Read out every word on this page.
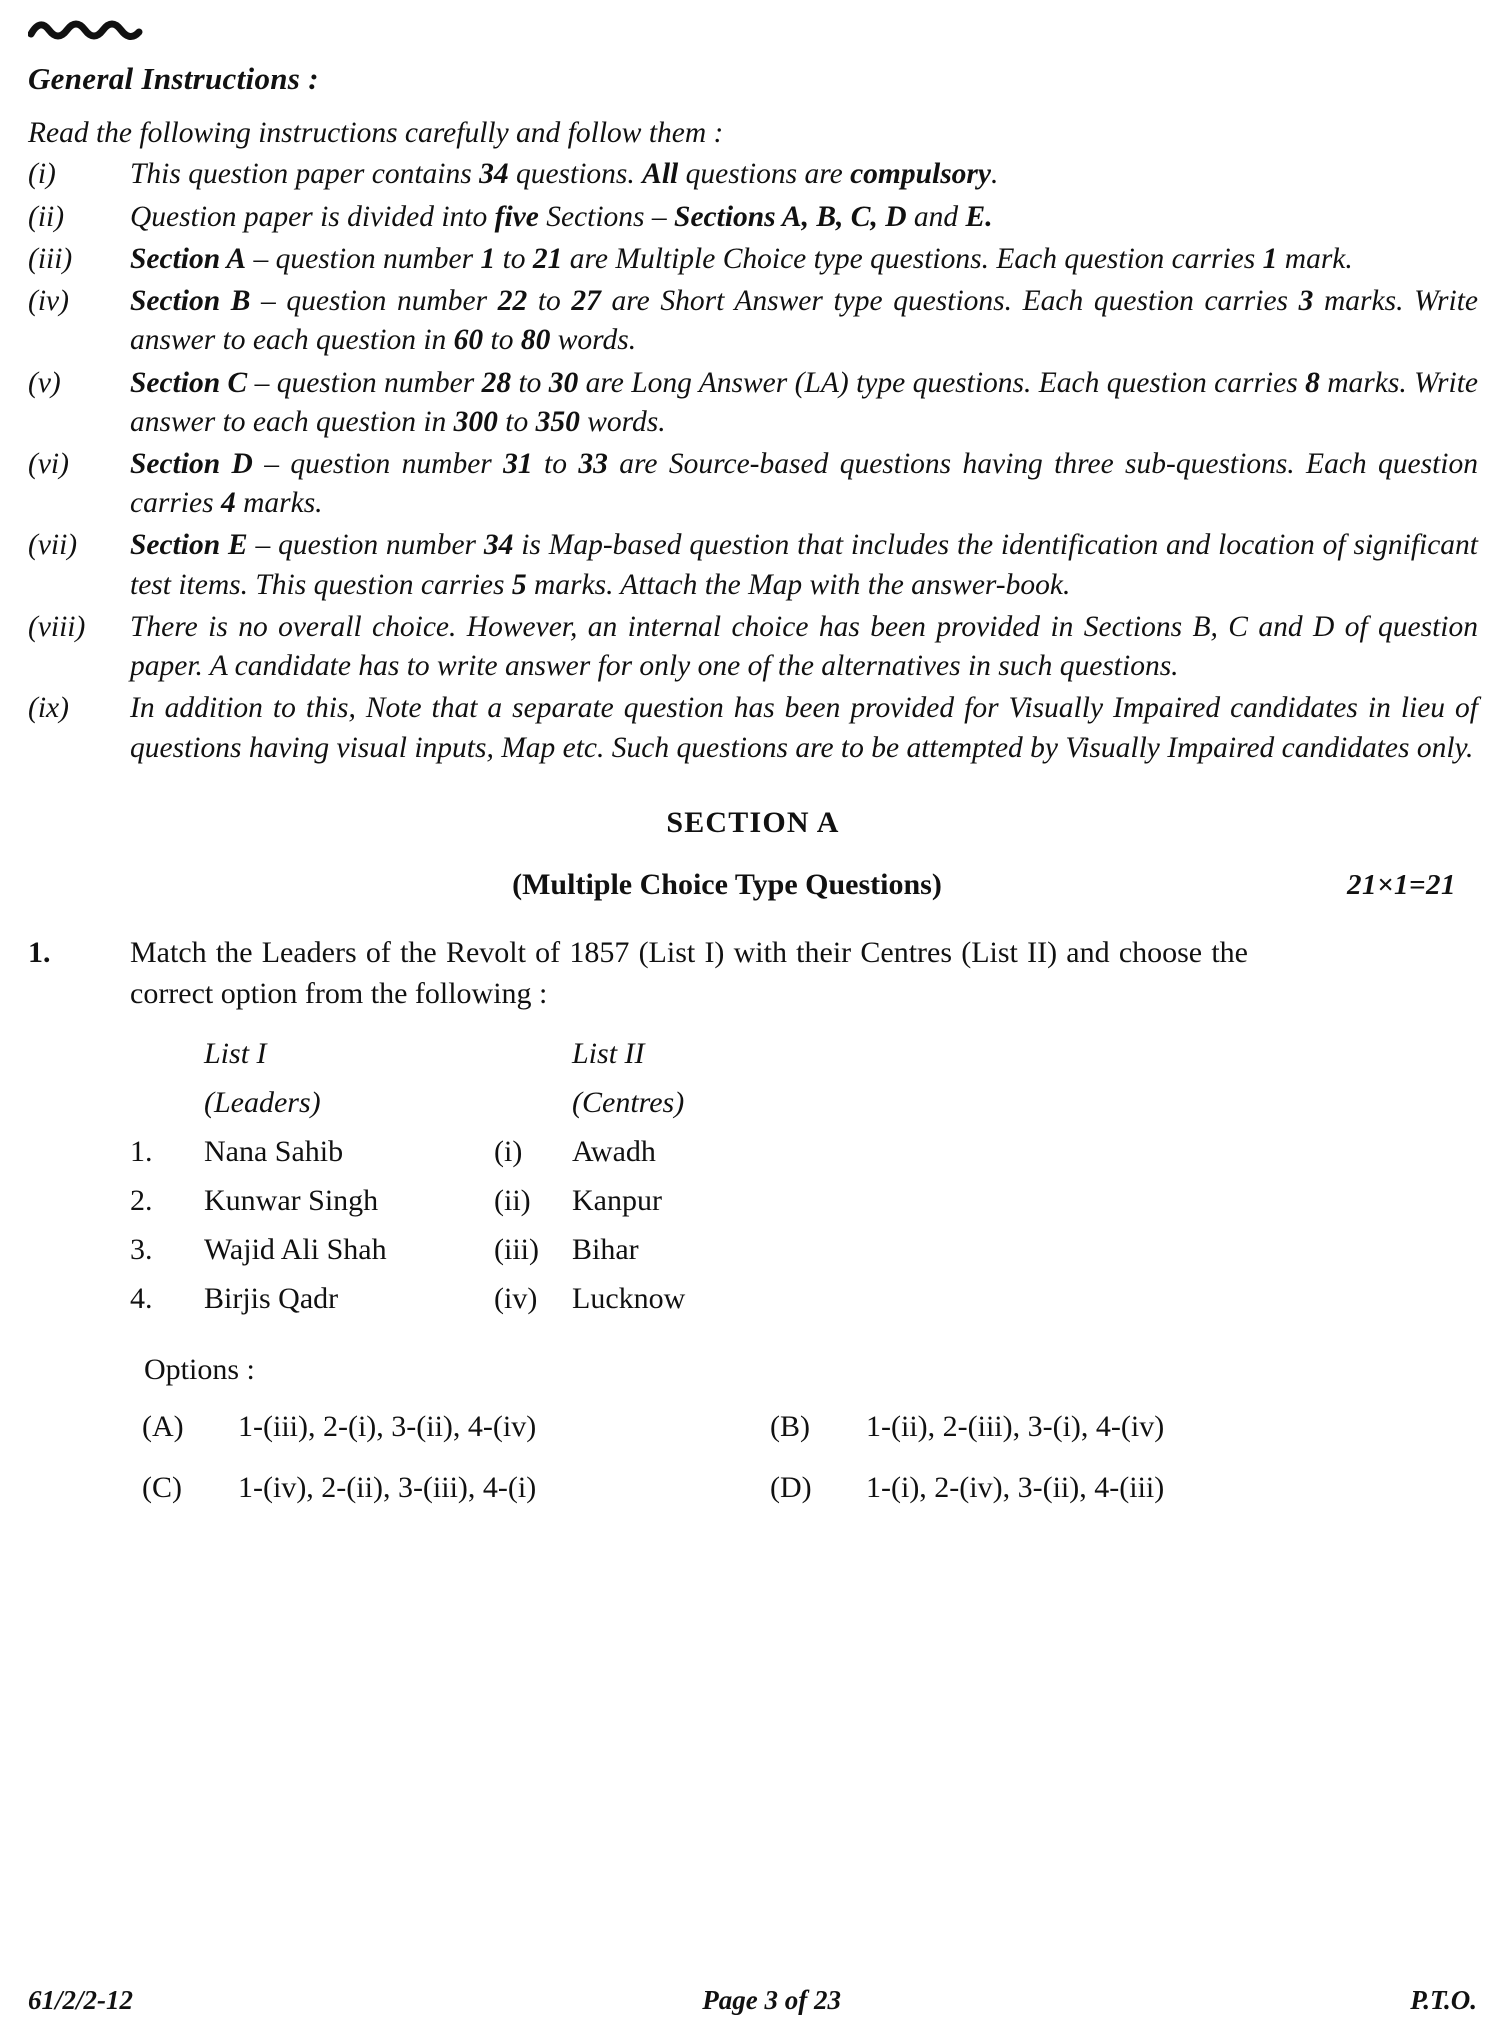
General Instructions :
Read the following instructions carefully and follow them :
(i)	This question paper contains 34 questions. All questions are compulsory.
(ii)	Question paper is divided into five Sections – Sections A, B, C, D and E.
(iii)	Section A – question number 1 to 21 are Multiple Choice type questions. Each question carries 1 mark.
(iv)	Section B – question number 22 to 27 are Short Answer type questions. Each question carries 3 marks. Write answer to each question in 60 to 80 words.
(v)	Section C – question number 28 to 30 are Long Answer (LA) type questions. Each question carries 8 marks. Write answer to each question in 300 to 350 words.
(vi)	Section D – question number 31 to 33 are Source-based questions having three sub-questions. Each question carries 4 marks.
(vii)	Section E – question number 34 is Map-based question that includes the identification and location of significant test items. This question carries 5 marks. Attach the Map with the answer-book.
(viii)	There is no overall choice. However, an internal choice has been provided in Sections B, C and D of question paper. A candidate has to write answer for only one of the alternatives in such questions.
(ix)	In addition to this, Note that a separate question has been provided for Visually Impaired candidates in lieu of questions having visual inputs, Map etc. Such questions are to be attempted by Visually Impaired candidates only.
SECTION A
(Multiple Choice Type Questions)	21×1=21
1.	Match the Leaders of the Revolt of 1857 (List I) with their Centres (List II) and choose the correct option from the following :
	List I		List II
	(Leaders)		(Centres)
1.	Nana Sahib	(i)	Awadh
2.	Kunwar Singh	(ii)	Kanpur
3.	Wajid Ali Shah	(iii)	Bihar
4.	Birjis Qadr	(iv)	Lucknow
Options :
(A)	1-(iii), 2-(i), 3-(ii), 4-(iv)	(B)	1-(ii), 2-(iii), 3-(i), 4-(iv)
(C)	1-(iv), 2-(ii), 3-(iii), 4-(i)	(D)	1-(i), 2-(iv), 3-(ii), 4-(iii)
61/2/2-12	Page 3 of 23	P.T.O.
